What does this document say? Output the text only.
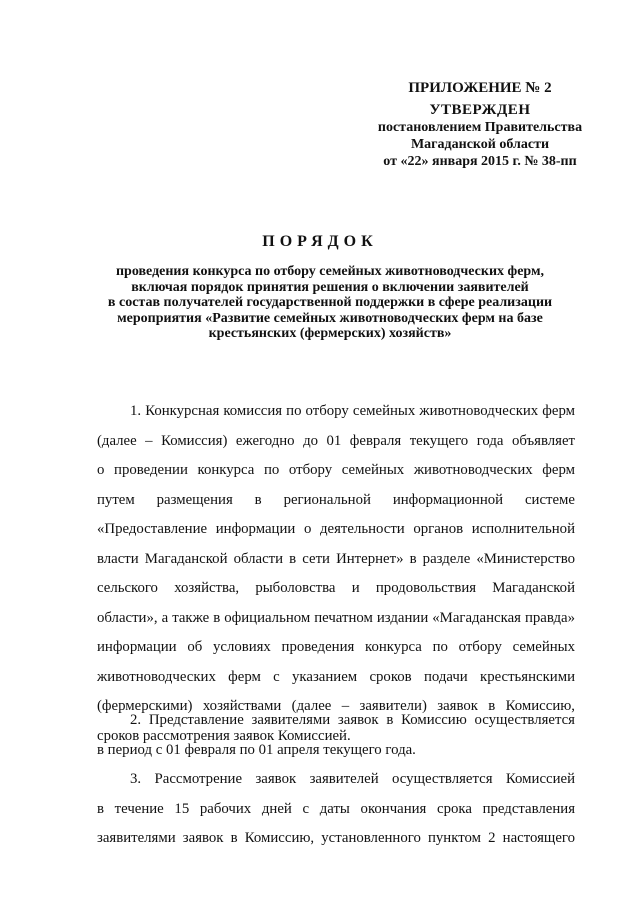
ПРИЛОЖЕНИЕ № 2
УТВЕРЖДЕН
постановлением Правительства
Магаданской области
от «22» января 2015 г. № 38-пп
ПОРЯДОК
проведения конкурса по отбору семейных животноводческих ферм,
включая порядок принятия решения о включении заявителей
в состав получателей государственной поддержки в сфере реализации
мероприятия «Развитие семейных животноводческих ферм на базе
крестьянских (фермерских) хозяйств»
1. Конкурсная комиссия по отбору семейных животноводческих ферм
(далее – Комиссия) ежегодно до 01 февраля текущего года объявляет
о проведении конкурса по отбору семейных животноводческих ферм
путем размещения в региональной информационной системе
«Предоставление информации о деятельности органов исполнительной
власти Магаданской области в сети Интернет» в разделе «Министерство
сельского хозяйства, рыболовства и продовольствия Магаданской
области», а также в официальном печатном издании «Магаданская правда»
информации об условиях проведения конкурса по отбору семейных
животноводческих ферм с указанием сроков подачи крестьянскими
(фермерскими) хозяйствами (далее – заявители) заявок в Комиссию,
сроков рассмотрения заявок Комиссией.
2. Представление заявителями заявок в Комиссию осуществляется
в период с 01 февраля по 01 апреля текущего года.
3. Рассмотрение заявок заявителей осуществляется Комиссией
в течение 15 рабочих дней с даты окончания срока представления
заявителями заявок в Комиссию, установленного пунктом 2 настоящего
